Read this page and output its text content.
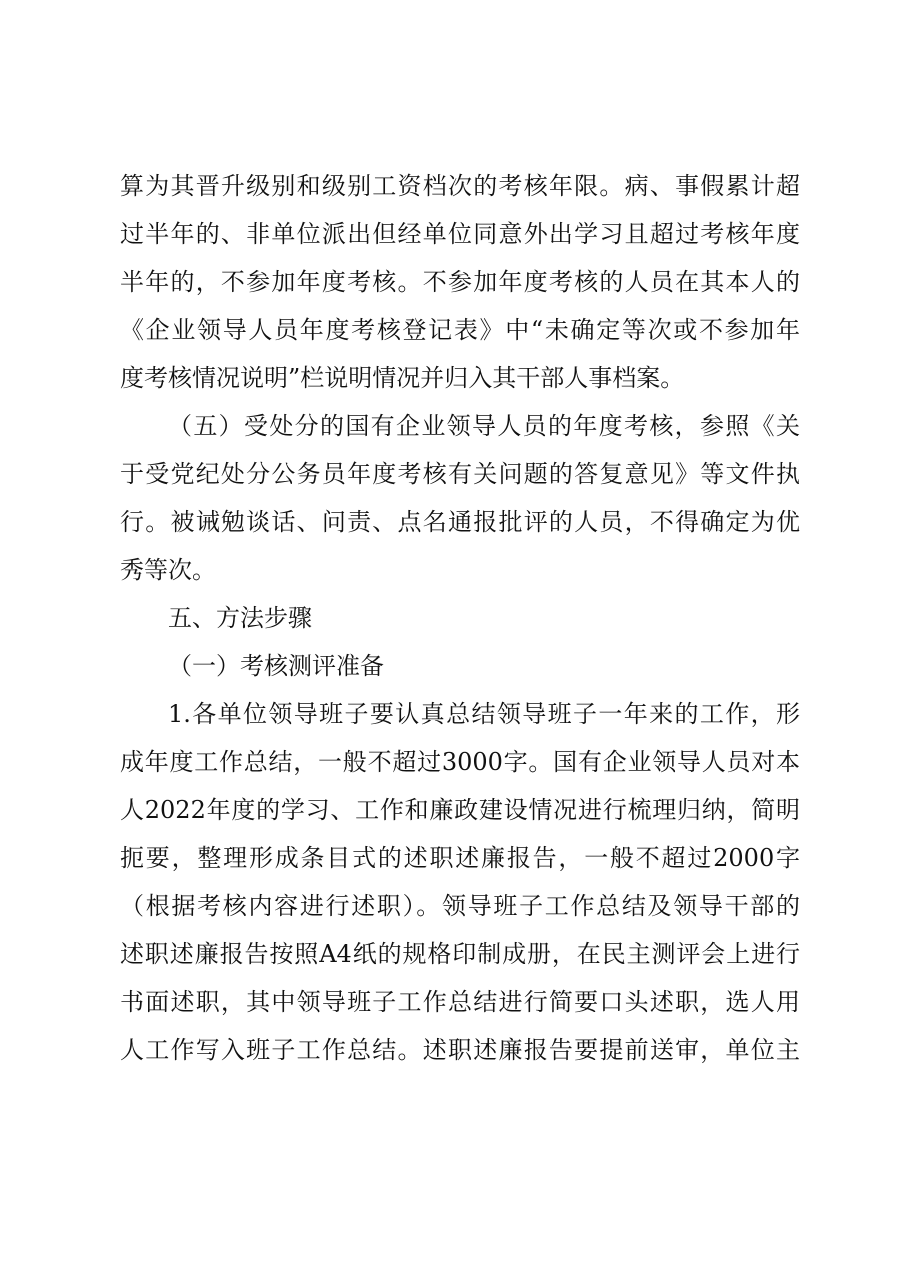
算为其晋升级别和级别工资档次的考核年限。病、事假累计超
过半年的、非单位派出但经单位同意外出学习且超过考核年度
半年的，不参加年度考核。不参加年度考核的人员在其本人的
《企业领导人员年度考核登记表》中“未确定等次或不参加年
度考核情况说明”栏说明情况并归入其干部人事档案。
（五）受处分的国有企业领导人员的年度考核，参照《关
于受党纪处分公务员年度考核有关问题的答复意见》等文件执
行。被诫勉谈话、问责、点名通报批评的人员，不得确定为优
秀等次。
五、方法步骤
（一）考核测评准备
1.各单位领导班子要认真总结领导班子一年来的工作，形
成年度工作总结，一般不超过3000字。国有企业领导人员对本
人2022年度的学习、工作和廉政建设情况进行梳理归纳，简明
扼要，整理形成条目式的述职述廉报告，一般不超过2000字
（根据考核内容进行述职）。领导班子工作总结及领导干部的
述职述廉报告按照A4纸的规格印制成册，在民主测评会上进行
书面述职，其中领导班子工作总结进行简要口头述职，选人用
人工作写入班子工作总结。述职述廉报告要提前送审，单位主
